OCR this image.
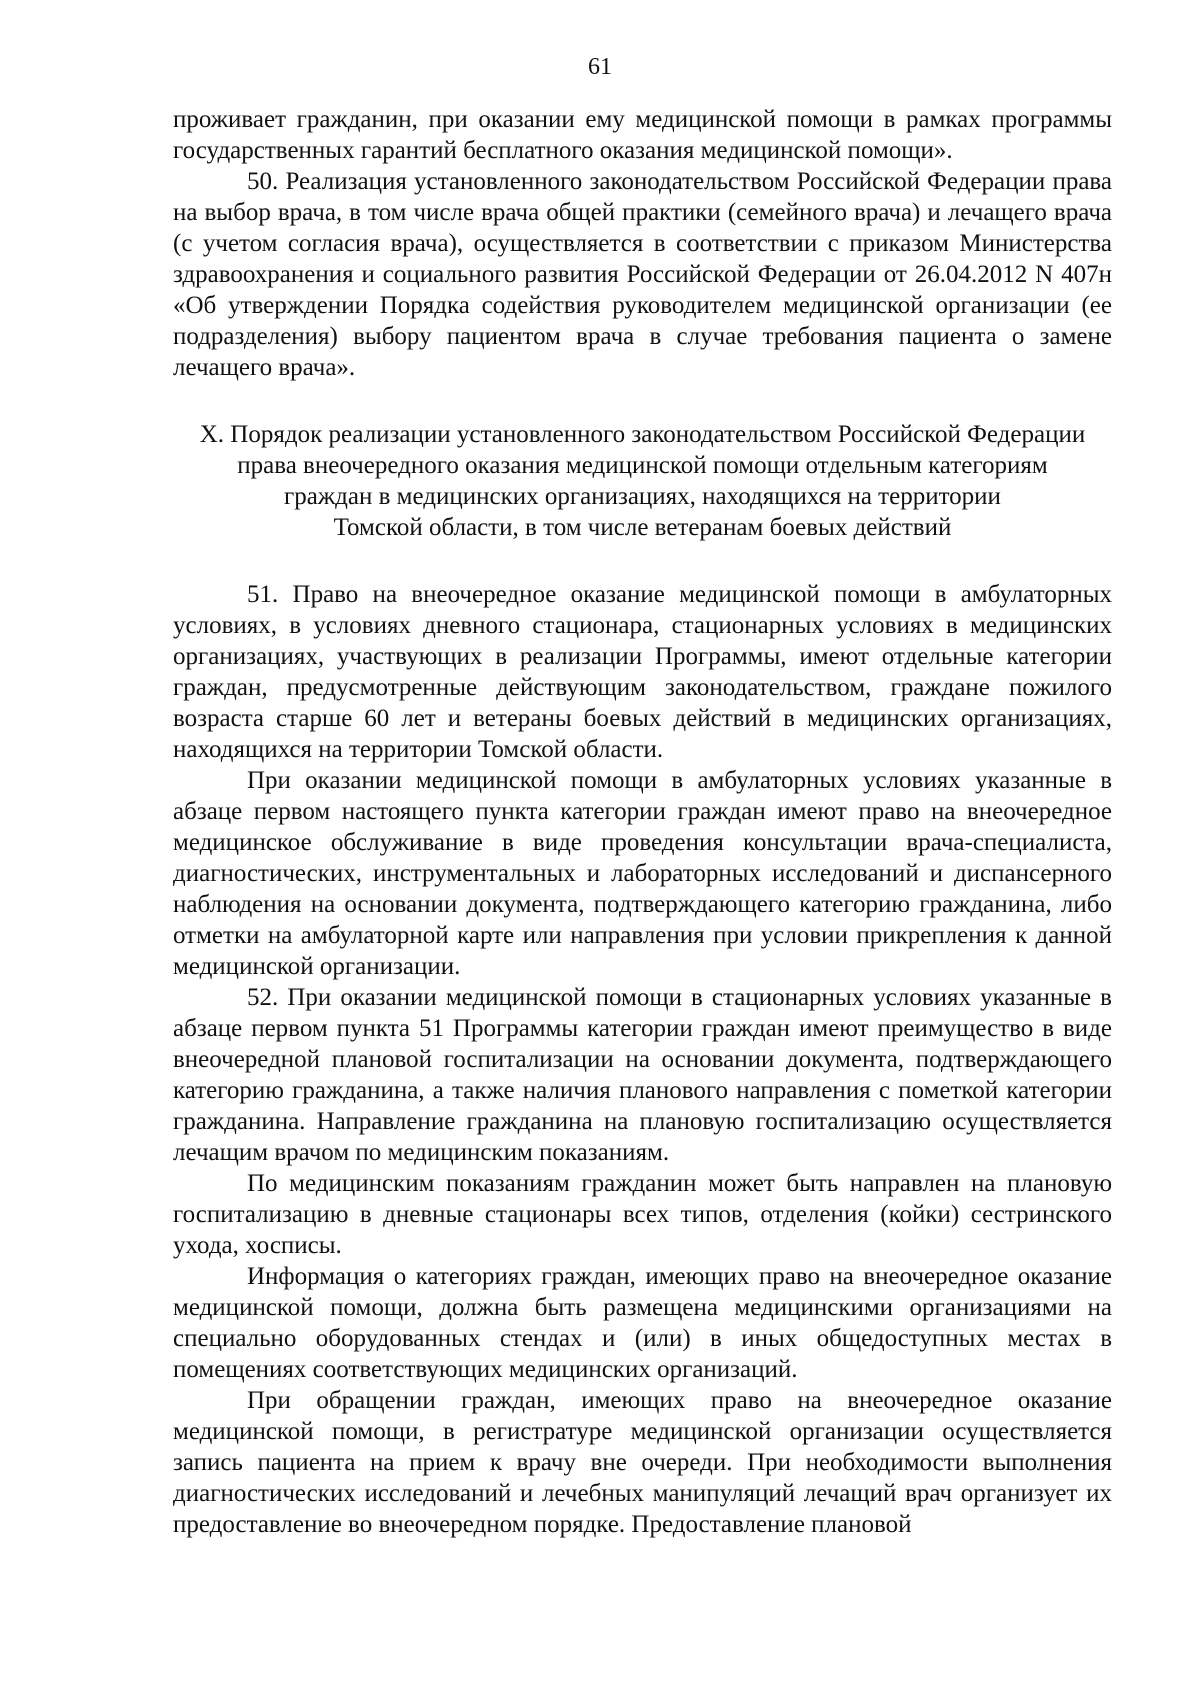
61

проживает гражданин, при оказании ему медицинской помощи в рамках программы государственных гарантий бесплатного оказания медицинской помощи».

50. Реализация установленного законодательством Российской Федерации права на выбор врача, в том числе врача общей практики (семейного врача) и лечащего врача (с учетом согласия врача), осуществляется в соответствии с приказом Министерства здравоохранения и социального развития Российской Федерации от 26.04.2012 N 407н «Об утверждении Порядка содействия руководителем медицинской организации (ее подразделения) выбору пациентом врача в случае требования пациента о замене лечащего врача».

X. Порядок реализации установленного законодательством Российской Федерации
права внеочередного оказания медицинской помощи отдельным категориям
граждан в медицинских организациях, находящихся на территории
Томской области, в том числе ветеранам боевых действий

51. Право на внеочередное оказание медицинской помощи в амбулаторных условиях, в условиях дневного стационара, стационарных условиях в медицинских организациях, участвующих в реализации Программы, имеют отдельные категории граждан, предусмотренные действующим законодательством, граждане пожилого возраста старше 60 лет и ветераны боевых действий в медицинских организациях, находящихся на территории Томской области.

При оказании медицинской помощи в амбулаторных условиях указанные в абзаце первом настоящего пункта категории граждан имеют право на внеочередное медицинское обслуживание в виде проведения консультации врача-специалиста, диагностических, инструментальных и лабораторных исследований и диспансерного наблюдения на основании документа, подтверждающего категорию гражданина, либо отметки на амбулаторной карте или направления при условии прикрепления к данной медицинской организации.

52. При оказании медицинской помощи в стационарных условиях указанные в абзаце первом пункта 51 Программы категории граждан имеют преимущество в виде внеочередной плановой госпитализации на основании документа, подтверждающего категорию гражданина, а также наличия планового направления с пометкой категории гражданина. Направление гражданина на плановую госпитализацию осуществляется лечащим врачом по медицинским показаниям.

По медицинским показаниям гражданин может быть направлен на плановую госпитализацию в дневные стационары всех типов, отделения (койки) сестринского ухода, хосписы.

Информация о категориях граждан, имеющих право на внеочередное оказание медицинской помощи, должна быть размещена медицинскими организациями на специально оборудованных стендах и (или) в иных общедоступных местах в помещениях соответствующих медицинских организаций.

При обращении граждан, имеющих право на внеочередное оказание медицинской помощи, в регистратуре медицинской организации осуществляется запись пациента на прием к врачу вне очереди. При необходимости выполнения диагностических исследований и лечебных манипуляций лечащий врач организует их предоставление во внеочередном порядке. Предоставление плановой
